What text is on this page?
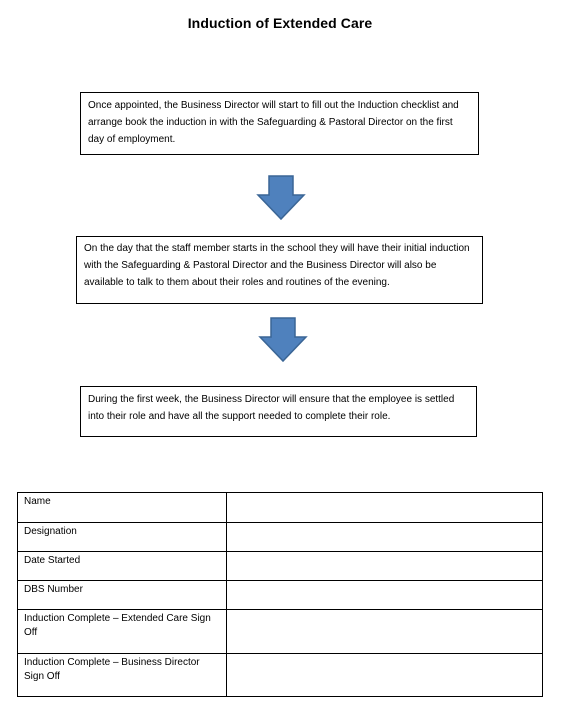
Induction of Extended Care
Once appointed, the Business Director will start to fill out the Induction checklist and arrange book the induction in with the Safeguarding & Pastoral Director on the first day of employment.
On the day that the staff member starts in the school they will have their initial induction with the Safeguarding & Pastoral Director and the Business Director will also be available to talk to them about their roles and routines of the evening.
During the first week, the Business Director will ensure that the employee is settled into their role and have all the support needed to complete their role.
Name	
Designation	
Date Started	
DBS Number	
Induction Complete – Extended Care Sign Off	
Induction Complete – Business Director Sign Off	
